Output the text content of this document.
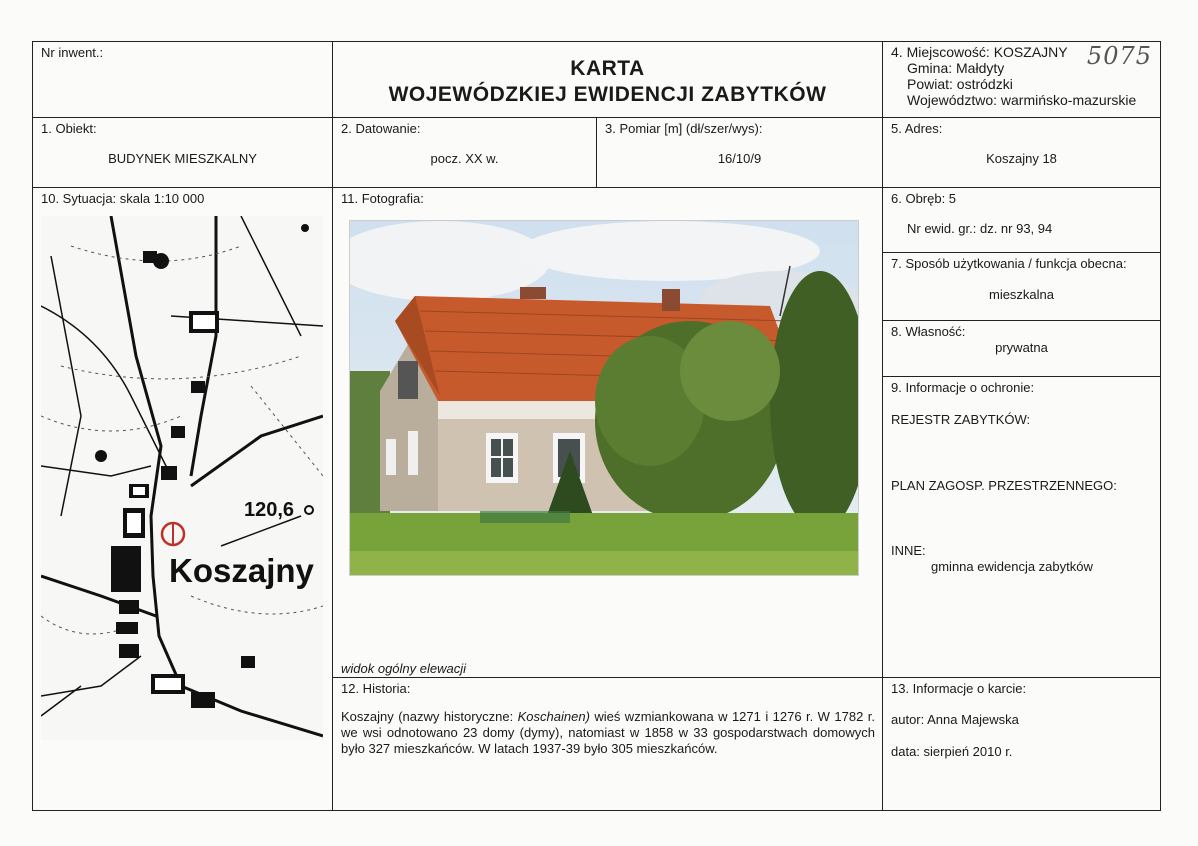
Nr inwent.:
KARTA
WOJEWÓDZKIEJ EWIDENCJI ZABYTKÓW
4. Miejscowość: KOSZAJNY
Gmina: Małdyty
Powiat: ostródzki
Województwo: warmińsko-mazurskie
5075
1. Obiekt:
BUDYNEK MIESZKALNY
2. Datowanie:
pocz. XX w.
3. Pomiar [m] (dł/szer/wys):
16/10/9
5. Adres:
Koszajny 18
10. Sytuacja: skala 1:10 000
120,6
Koszajny
11. Fotografia:
widok ogólny elewacji
6. Obręb: 5
Nr ewid. gr.: dz. nr 93, 94
7. Sposób użytkowania / funkcja obecna:
mieszkalna
8. Własność:
prywatna
9. Informacje o ochronie:
REJESTR ZABYTKÓW:
PLAN ZAGOSP. PRZESTRZENNEGO:
INNE:
gminna ewidencja zabytków
12. Historia:
Koszajny (nazwy historyczne: Koschainen) wieś wzmiankowana w 1271 i 1276 r. W 1782 r. we wsi odnotowano 23 domy (dymy), natomiast w 1858 w 33 gospodarstwach domowych było 327 mieszkańców. W latach 1937-39 było 305 mieszkańców.
13. Informacje o karcie:
autor: Anna Majewska
data: sierpień 2010 r.
